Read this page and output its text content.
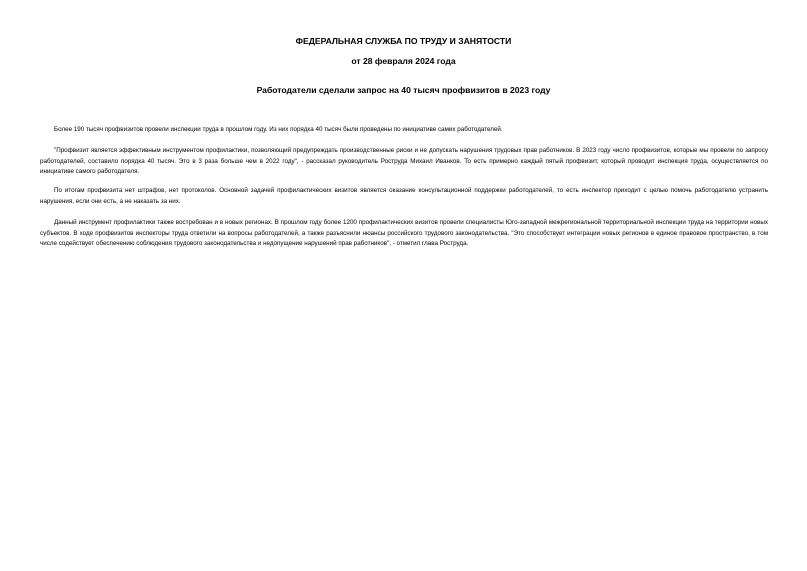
ФЕДЕРАЛЬНАЯ СЛУЖБА ПО ТРУДУ И ЗАНЯТОСТИ
от 28 февраля 2024 года
Работодатели сделали запрос на 40 тысяч профвизитов в 2023 году

Более 190 тысяч профвизитов провели инспекции труда в прошлом году. Из них порядка 40 тысяч были проведены по инициативе самих работодателей.

"Профвизит является эффективным инструментом профилактики, позволяющий предупреждать производственные риски и не допускать нарушения трудовых прав работников. В 2023 году число профвизитов, которые мы провели по запросу работодателей, составило порядка 40 тысяч. Это в 3 раза больше чем в 2022 году", - рассказал руководитель Роструда Михаил Иванков. То есть примерно каждый пятый профвизит, который проводит инспекция труда, осуществляется по инициативе самого работодателя.

По итогам профвизита нет штрафов, нет протоколов. Основной задачей профилактических визитов является оказание консультационной поддержки работодателей, то есть инспектор приходит с целью помочь работодателю устранить нарушения, если они есть, а не наказать за них.

Данный инструмент профилактики также востребован и в новых регионах. В прошлом году более 1200 профилактических визитов провели специалисты Юго-западной межрегиональной территориальной инспекции труда на территории новых субъектов. В ходе профвизитов инспекторы труда ответили на вопросы работодателей, а также разъяснили нюансы российского трудового законодательства. "Это способствует интеграции новых регионов в единое правовое пространство, в том числе содействует обеспечению соблюдения трудового законодательства и недопущение нарушений прав работников", - отметил глава Роструда.
